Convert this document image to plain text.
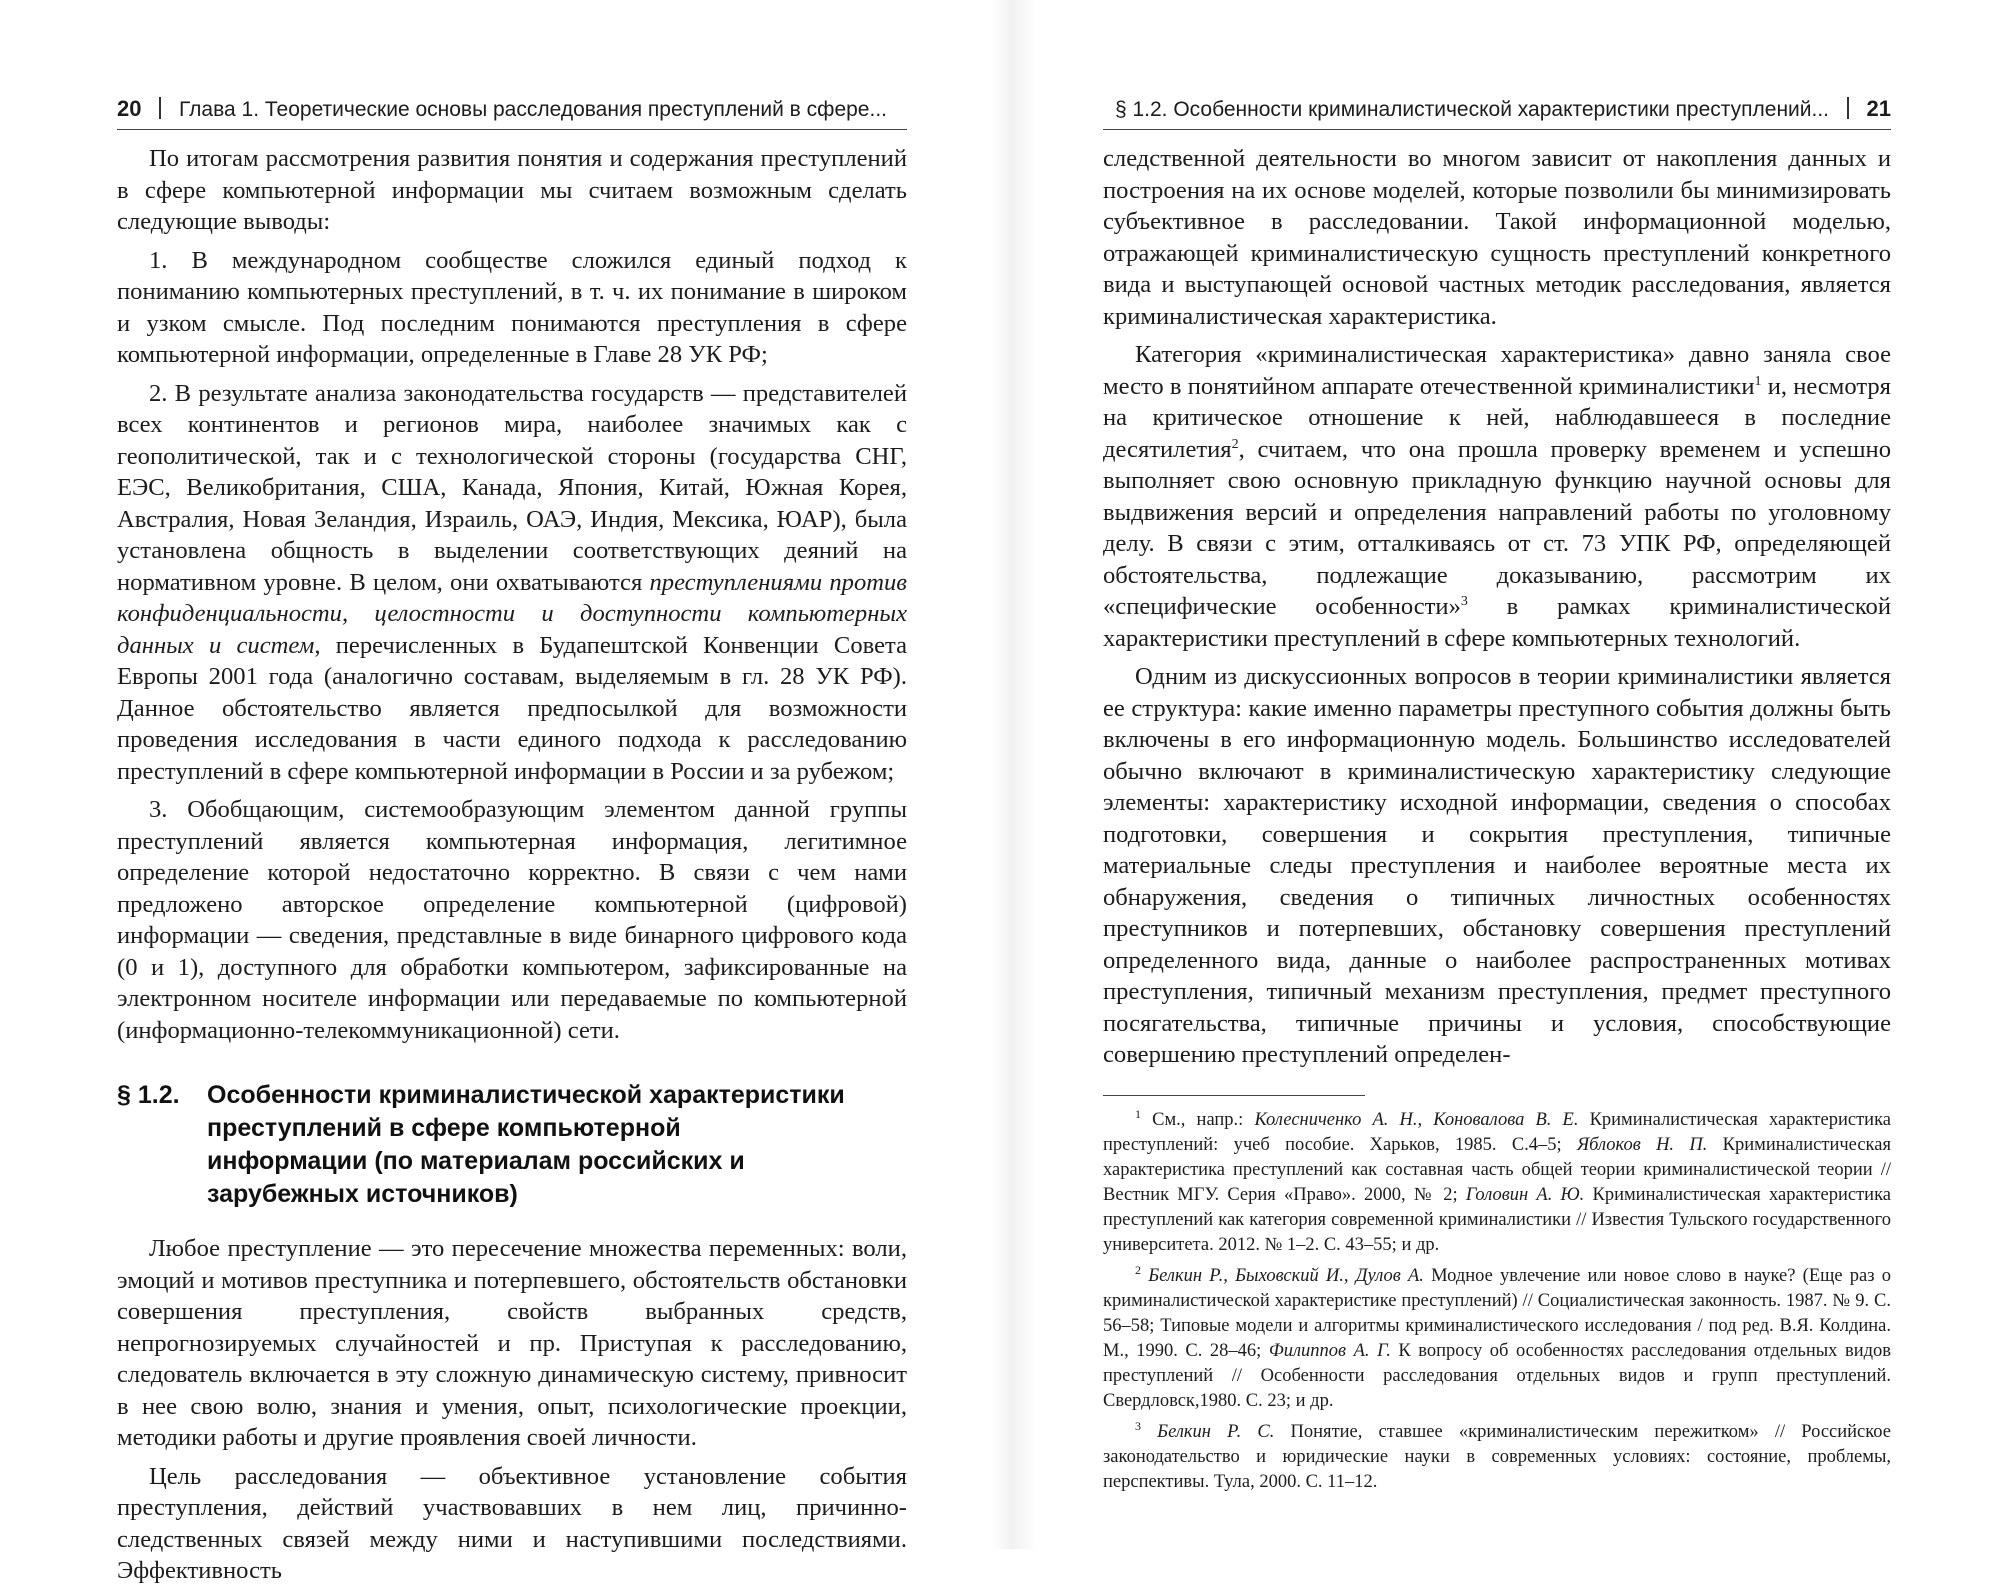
20 Глава 1. Теоретические основы расследования преступлений в сфере...

По итогам рассмотрения развития понятия и содержания преступлений в сфере компьютерной информации мы считаем возможным сделать следующие выводы:

1. В международном сообществе сложился единый подход к пониманию компьютерных преступлений, в т. ч. их понимание в широком и узком смысле. Под последним понимаются преступления в сфере компьютерной информации, определенные в Главе 28 УК РФ;

2. В результате анализа законодательства государств — представителей всех континентов и регионов мира, наиболее значимых как с геополитической, так и с технологической стороны (государства СНГ, ЕЭС, Великобритания, США, Канада, Япония, Китай, Южная Корея, Австралия, Новая Зеландия, Израиль, ОАЭ, Индия, Мексика, ЮАР), была установлена общность в выделении соответствующих деяний на нормативном уровне. В целом, они охватываются преступлениями против конфиденциальности, целостности и доступности компьютерных данных и систем, перечисленных в Будапештской Конвенции Совета Европы 2001 года (аналогично составам, выделяемым в гл. 28 УК РФ). Данное обстоятельство является предпосылкой для возможности проведения исследования в части единого подхода к расследованию преступлений в сфере компьютерной информации в России и за рубежом;

3. Обобщающим, системообразующим элементом данной группы преступлений является компьютерная информация, легитимное определение которой недостаточно корректно. В связи с чем нами предложено авторское определение компьютерной (цифровой) информации — сведения, представлные в виде бинарного цифрового кода (0 и 1), доступного для обработки компьютером, зафиксированные на электронном носителе информации или передаваемые по компьютерной (информационно-телекоммуникационной) сети.

§ 1.2. Особенности криминалистической характеристики преступлений в сфере компьютерной информации (по материалам российских и зарубежных источников)

Любое преступление — это пересечение множества переменных: воли, эмоций и мотивов преступника и потерпевшего, обстоятельств обстановки совершения преступления, свойств выбранных средств, непрогнозируемых случайностей и пр. Приступая к расследованию, следователь включается в эту сложную динамическую систему, привносит в нее свою волю, знания и умения, опыт, психологические проекции, методики работы и другие проявления своей личности.

Цель расследования — объективное установление события преступления, действий участвовавших в нем лиц, причинно-следственных связей между ними и наступившими последствиями. Эффективность

§ 1.2. Особенности криминалистической характеристики преступлений... 21

следственной деятельности во многом зависит от накопления данных и построения на их основе моделей, которые позволили бы минимизировать субъективное в расследовании. Такой информационной моделью, отражающей криминалистическую сущность преступлений конкретного вида и выступающей основой частных методик расследования, является криминалистическая характеристика.

Категория «криминалистическая характеристика» давно заняла свое место в понятийном аппарате отечественной криминалистики$^1$ и, несмотря на критическое отношение к ней, наблюдавшееся в последние десятилетия$^2$, считаем, что она прошла проверку временем и успешно выполняет свою основную прикладную функцию научной основы для выдвижения версий и определения направлений работы по уголовному делу. В связи с этим, отталкиваясь от ст. 73 УПК РФ, определяющей обстоятельства, подлежащие доказыванию, рассмотрим их «специфические особенности»$^3$ в рамках криминалистической характеристики преступлений в сфере компьютерных технологий.

Одним из дискуссионных вопросов в теории криминалистики является ее структура: какие именно параметры преступного события должны быть включены в его информационную модель. Большинство исследователей обычно включают в криминалистическую характеристику следующие элементы: характеристику исходной информации, сведения о способах подготовки, совершения и сокрытия преступления, типичные материальные следы преступления и наиболее вероятные места их обнаружения, сведения о типичных личностных особенностях преступников и потерпевших, обстановку совершения преступлений определенного вида, данные о наиболее распространенных мотивах преступления, типичный механизм преступления, предмет преступного посягательства, типичные причины и условия, способствующие совершению преступлений определен-

$^1$ См., напр.: Колесниченко А. Н., Коновалова В. Е. Криминалистическая характеристика преступлений: учеб пособие. Харьков, 1985. С.4–5; Яблоков Н. П. Криминалистическая характеристика преступлений как составная часть общей теории криминалистической теории // Вестник МГУ. Серия «Право». 2000, № 2; Головин А. Ю. Криминалистическая характеристика преступлений как категория современной криминалистики // Известия Тульского государственного университета. 2012. № 1–2. С. 43–55; и др.

$^2$ Белкин Р., Быховский И., Дулов А. Модное увлечение или новое слово в науке? (Еще раз о криминалистической характеристике преступлений) // Социалистическая законность. 1987. № 9. С. 56–58; Типовые модели и алгоритмы криминалистического исследования / под ред. В.Я. Колдина. М., 1990. С. 28–46; Филиппов А. Г. К вопросу об особенностях расследования отдельных видов преступлений // Особенности расследования отдельных видов и групп преступлений. Свердловск,1980. С. 23; и др.

$^3$ Белкин Р. С. Понятие, ставшее «криминалистическим пережитком» // Российское законодательство и юридические науки в современных условиях: состояние, проблемы, перспективы. Тула, 2000. С. 11–12.
